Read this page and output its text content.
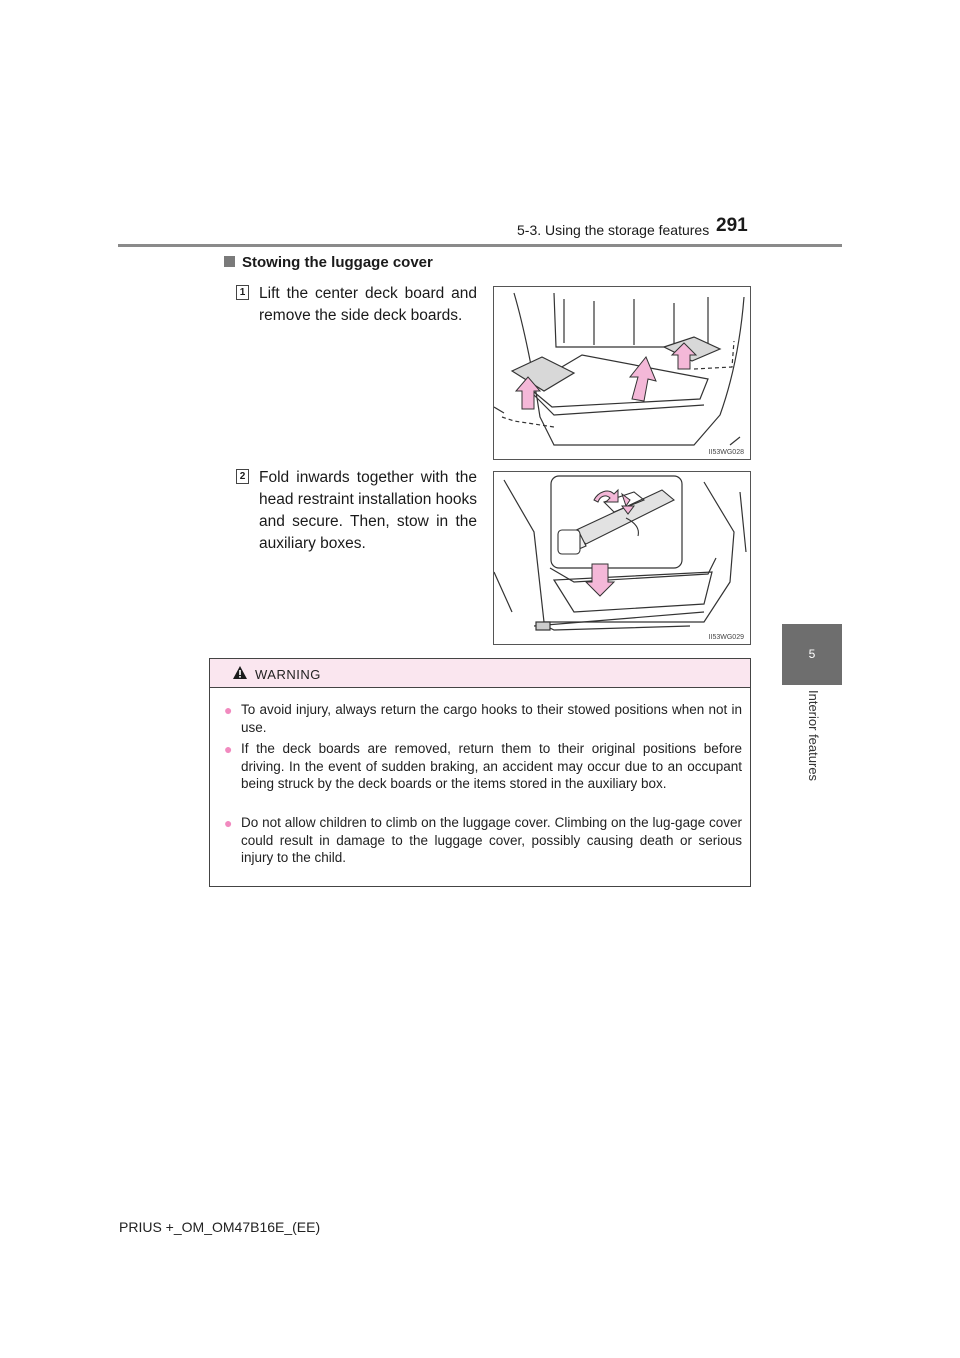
5-3. Using the storage features 291
5
Interior features
Stowing the luggage cover
1 Lift the center deck board and remove the side deck boards.
II53WG028
2 Fold inwards together with the head restraint installation hooks and secure. Then, stow in the auxiliary boxes.
II53WG029
WARNING
● To avoid injury, always return the cargo hooks to their stowed positions when not in use.
● If the deck boards are removed, return them to their original positions before driving. In the event of sudden braking, an accident may occur due to an occupant being struck by the deck boards or the items stored in the auxiliary box.
● Do not allow children to climb on the luggage cover. Climbing on the lug-gage cover could result in damage to the luggage cover, possibly causing death or serious injury to the child.
PRIUS +_OM_OM47B16E_(EE)
